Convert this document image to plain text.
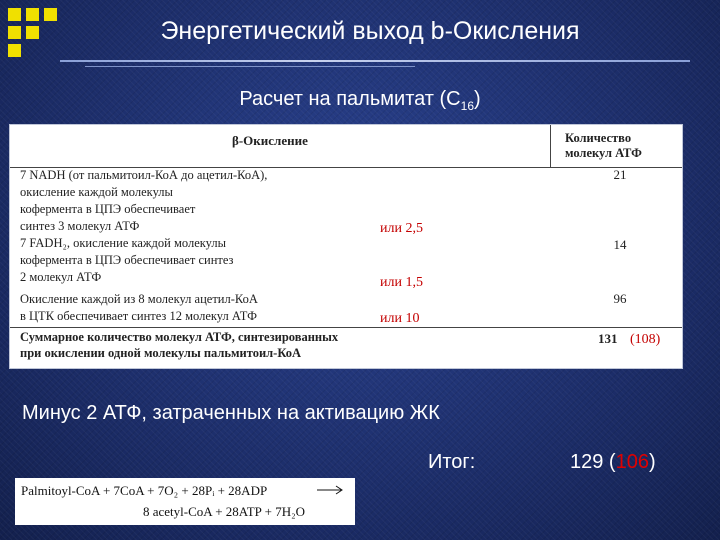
Энергетический выход b-Окисления
Расчет на пальмитат $(С_{16})$
β-Окисление	Количество
молекул АТФ
7 NADH (от пальмитоил-КоА до ацетил-КоА),
окисление каждой молекулы
кофермента в ЦПЭ обеспечивает
синтез 3 молекул АТФ
21
или 2,5
7 FADH₂, окисление каждой молекулы
кофермента в ЦПЭ обеспечивает синтез
2 молекул АТФ
14
или 1,5
Окисление каждой из 8 молекул ацетил-КоА
в ЦТК обеспечивает синтез 12 молекул АТФ
96
или 10
Суммарное количество молекул АТФ, синтезированных
при окислении одной молекулы пальмитоил-КоА
131 (108)
Минус 2 АТФ, затраченных на активацию ЖК
Итог:	129 (106)
Palmitoyl-CoA + 7CoA + 7O₂ + 28Pᵢ + 28ADP
8 acetyl-CoA + 28ATP + 7H₂O
